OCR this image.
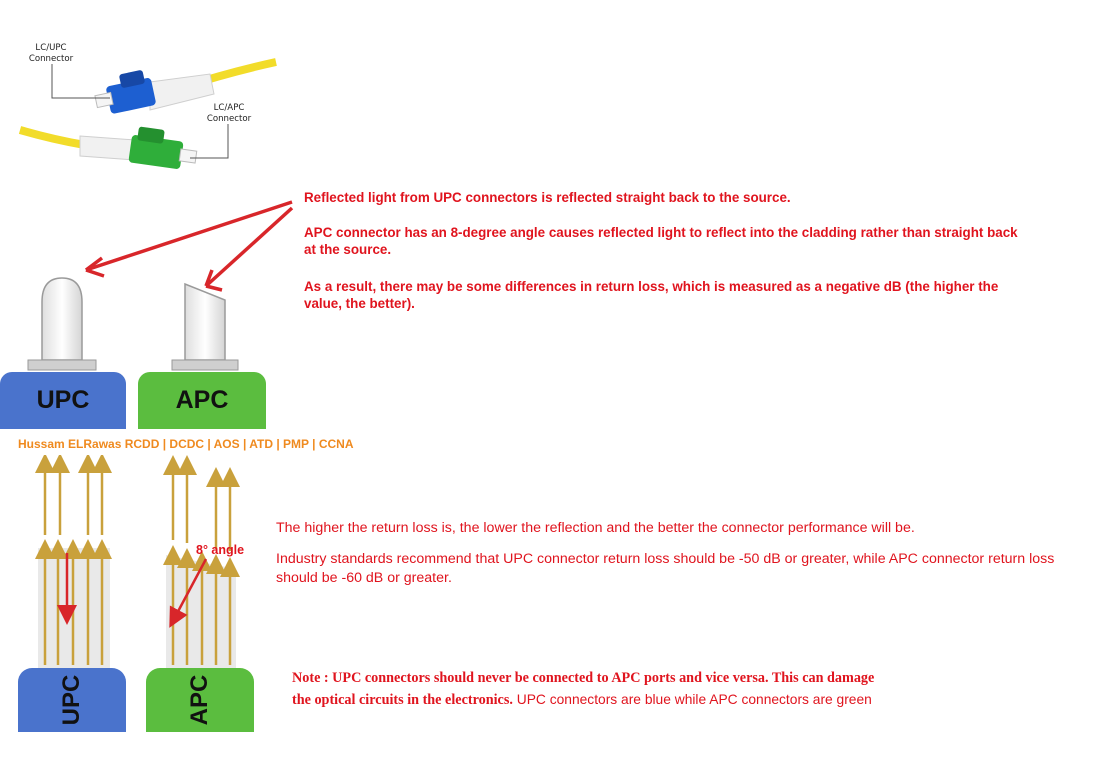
LC/UPC
Connector
LC/APC
Connector
Reflected light from UPC connectors is reflected straight back to the source.
APC connector has an 8-degree angle causes reflected light to reflect into the cladding rather than straight back at the source.
As a result, there may be some differences in return loss, which is measured as a negative dB (the higher the value, the better).
UPC	APC
Hussam ELRawas RCDD | DCDC | AOS | ATD | PMP | CCNA
8° angle
UPC	APC
The higher the return loss is, the lower the reflection and the better the connector performance will be.
Industry standards recommend that UPC connector return loss should be -50 dB or greater, while APC connector return loss should be -60 dB or greater.
Note : UPC connectors should never be connected to APC ports and vice versa. This can damage the optical circuits in the electronics. UPC connectors are blue while APC connectors are green
